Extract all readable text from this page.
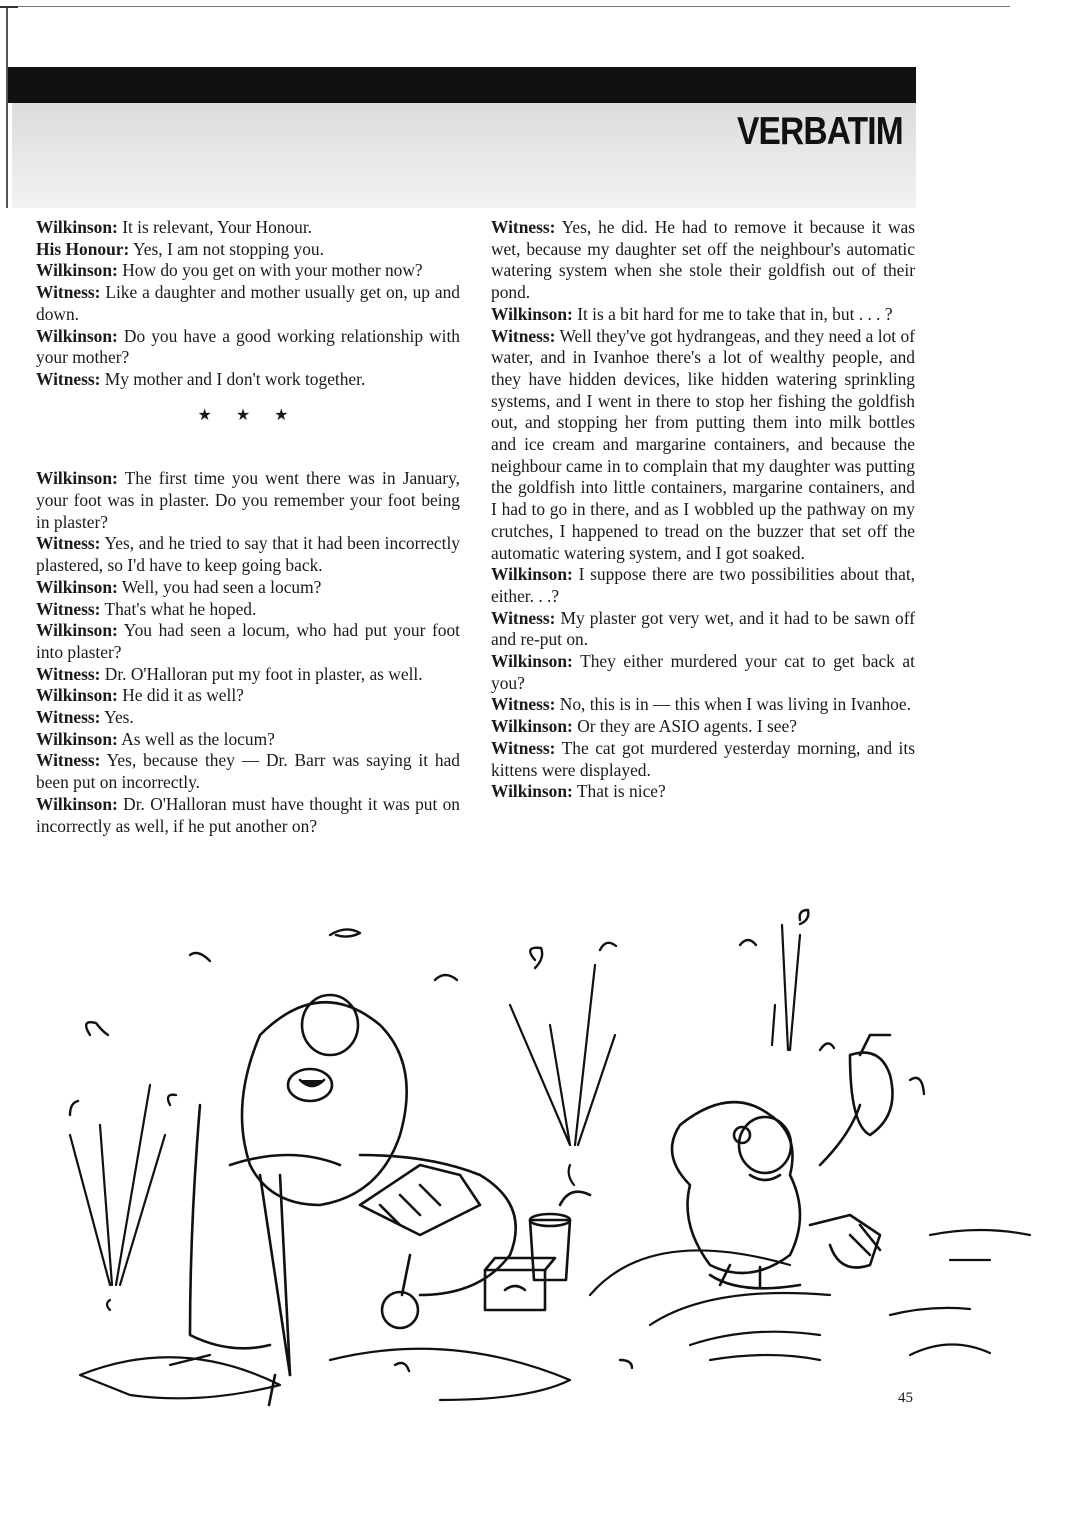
VERBATIM

Wilkinson: It is relevant, Your Honour.

His Honour: Yes, I am not stopping you.

Wilkinson: How do you get on with your mother now?

Witness: Like a daughter and mother usually get on, up and down.

Wilkinson: Do you have a good working relationship with your mother?

Witness: My mother and I don't work together.

★ ★ ★

Wilkinson: The first time you went there was in January, your foot was in plaster. Do you remember your foot being in plaster?

Witness: Yes, and he tried to say that it had been incorrectly plastered, so I'd have to keep going back.

Wilkinson: Well, you had seen a locum?

Witness: That's what he hoped.

Wilkinson: You had seen a locum, who had put your foot into plaster?

Witness: Dr. O'Halloran put my foot in plaster, as well.

Wilkinson: He did it as well?

Witness: Yes.

Wilkinson: As well as the locum?

Witness: Yes, because they — Dr. Barr was saying it had been put on incorrectly.

Wilkinson: Dr. O'Halloran must have thought it was put on incorrectly as well, if he put another on?

Witness: Yes, he did. He had to remove it because it was wet, because my daughter set off the neighbour's automatic watering system when she stole their goldfish out of their pond.

Wilkinson: It is a bit hard for me to take that in, but . . . ?

Witness: Well they've got hydrangeas, and they need a lot of water, and in Ivanhoe there's a lot of wealthy people, and they have hidden devices, like hidden watering sprinkling systems, and I went in there to stop her fishing the goldfish out, and stopping her from putting them into milk bottles and ice cream and margarine containers, and because the neighbour came in to complain that my daughter was putting the goldfish into little containers, margarine containers, and I had to go in there, and as I wobbled up the pathway on my crutches, I happened to tread on the buzzer that set off the automatic watering system, and I got soaked.

Wilkinson: I suppose there are two possibilities about that, either. . .?

Witness: My plaster got very wet, and it had to be sawn off and re-put on.

Wilkinson: They either murdered your cat to get back at you?

Witness: No, this is in — this when I was living in Ivanhoe.

Wilkinson: Or they are ASIO agents. I see?

Witness: The cat got murdered yesterday morning, and its kittens were displayed.

Wilkinson: That is nice?

45
